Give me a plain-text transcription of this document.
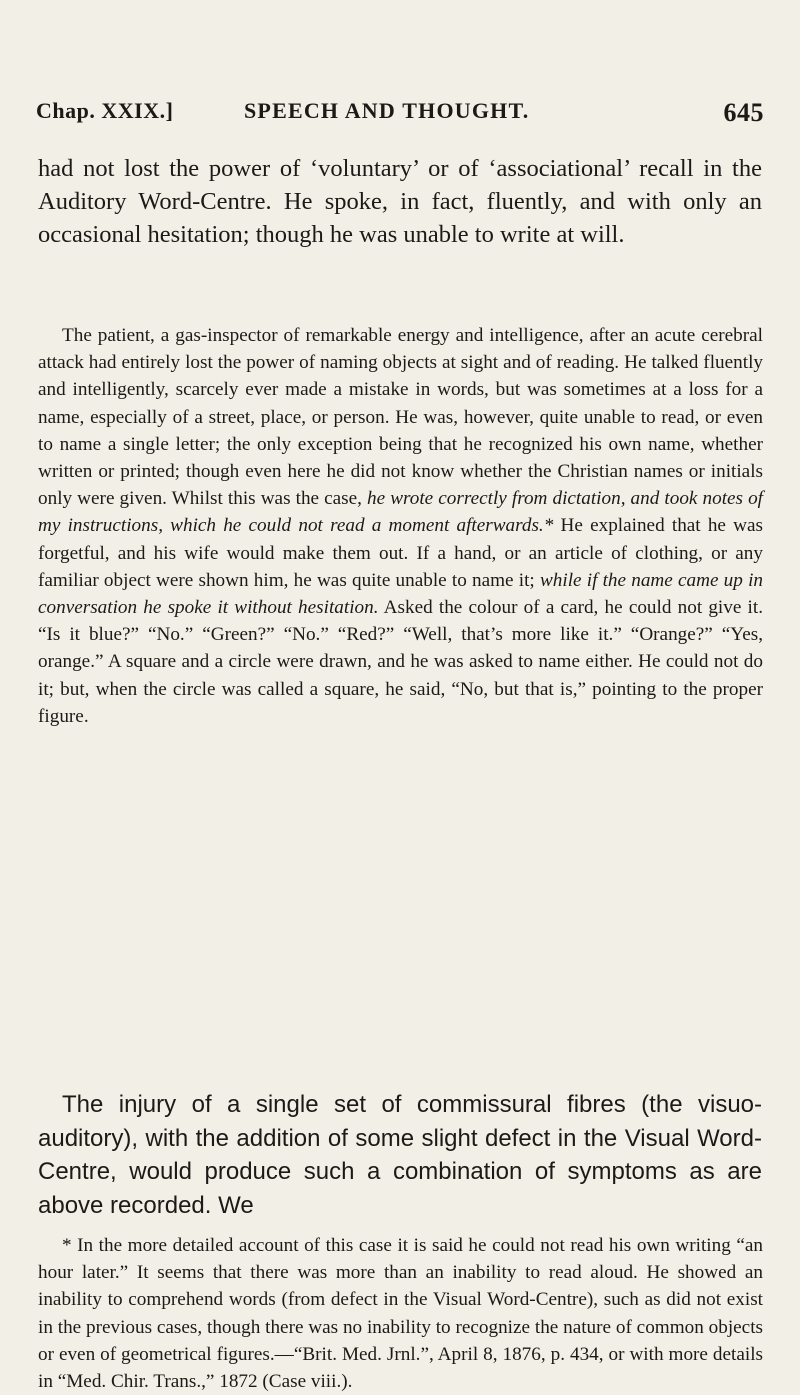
Chap. XXIX.]	SPEECH AND THOUGHT.	645

had not lost the power of ‘voluntary’ or of ‘associational’ recall in the Auditory Word-Centre. He spoke, in fact, fluently, and with only an occasional hesitation; though he was unable to write at will.

The patient, a gas-inspector of remarkable energy and intelligence, after an acute cerebral attack had entirely lost the power of naming objects at sight and of reading. He talked fluently and intelligently, scarcely ever made a mistake in words, but was sometimes at a loss for a name, especially of a street, place, or person. He was, however, quite unable to read, or even to name a single letter; the only exception being that he recognized his own name, whether written or printed; though even here he did not know whether the Christian names or initials only were given. Whilst this was the case, he wrote correctly from dictation, and took notes of my instructions, which he could not read a moment afterwards.* He explained that he was forgetful, and his wife would make them out. If a hand, or an article of clothing, or any familiar object were shown him, he was quite unable to name it; while if the name came up in conversation he spoke it without hesitation. Asked the colour of a card, he could not give it. “Is it blue?” “No.” “Green?” “No.” “Red?” “Well, that’s more like it.” “Orange?” “Yes, orange.” A square and a circle were drawn, and he was asked to name either. He could not do it; but, when the circle was called a square, he said, “No, but that is,” pointing to the proper figure.

The injury of a single set of commissural fibres (the visuo-auditory), with the addition of some slight defect in the Visual Word-Centre, would produce such a combination of symptoms as are above recorded. We

* In the more detailed account of this case it is said he could not read his own writing “an hour later.” It seems that there was more than an inability to read aloud. He showed an inability to comprehend words (from defect in the Visual Word-Centre), such as did not exist in the previous cases, though there was no inability to recognize the nature of common objects or even of geometrical figures.—“Brit. Med. Jrnl.”, April 8, 1876, p. 434, or with more details in “Med. Chir. Trans.,” 1872 (Case viii.).
